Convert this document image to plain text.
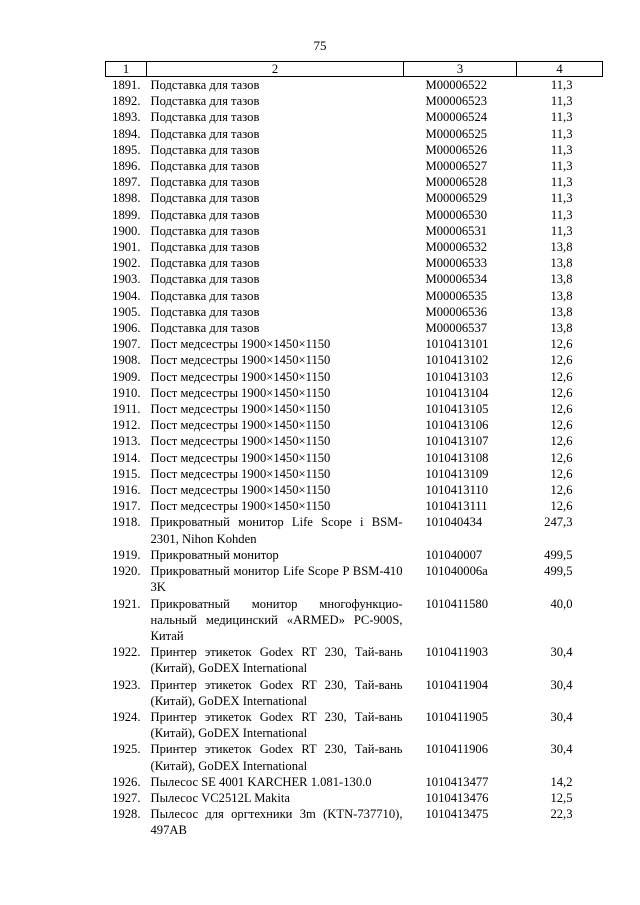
75
1	2	3	4
1891.	Подставка для тазов	М00006522	11,3
1892.	Подставка для тазов	М00006523	11,3
1893.	Подставка для тазов	М00006524	11,3
1894.	Подставка для тазов	М00006525	11,3
1895.	Подставка для тазов	М00006526	11,3
1896.	Подставка для тазов	М00006527	11,3
1897.	Подставка для тазов	М00006528	11,3
1898.	Подставка для тазов	М00006529	11,3
1899.	Подставка для тазов	М00006530	11,3
1900.	Подставка для тазов	М00006531	11,3
1901.	Подставка для тазов	М00006532	13,8
1902.	Подставка для тазов	М00006533	13,8
1903.	Подставка для тазов	М00006534	13,8
1904.	Подставка для тазов	М00006535	13,8
1905.	Подставка для тазов	М00006536	13,8
1906.	Подставка для тазов	М00006537	13,8
1907.	Пост медсестры 1900×1450×1150	1010413101	12,6
1908.	Пост медсестры 1900×1450×1150	1010413102	12,6
1909.	Пост медсестры 1900×1450×1150	1010413103	12,6
1910.	Пост медсестры 1900×1450×1150	1010413104	12,6
1911.	Пост медсестры 1900×1450×1150	1010413105	12,6
1912.	Пост медсестры 1900×1450×1150	1010413106	12,6
1913.	Пост медсестры 1900×1450×1150	1010413107	12,6
1914.	Пост медсестры 1900×1450×1150	1010413108	12,6
1915.	Пост медсестры 1900×1450×1150	1010413109	12,6
1916.	Пост медсестры 1900×1450×1150	1010413110	12,6
1917.	Пост медсестры 1900×1450×1150	1010413111	12,6
1918.	Прикроватный монитор Life Scope i BSM-2301, Nihon Kohden	101040434	247,3
1919.	Прикроватный монитор	101040007	499,5
1920.	Прикроватный монитор Life Scope P BSM-410 3K	101040006а	499,5
1921.	Прикроватный монитор многофункцио-нальный медицинский «ARMED» PC-900S, Китай	1010411580	40,0
1922.	Принтер этикеток Godex RT 230, Тай-вань (Китай), GoDEX International	1010411903	30,4
1923.	Принтер этикеток Godex RT 230, Тай-вань (Китай), GoDEX International	1010411904	30,4
1924.	Принтер этикеток Godex RT 230, Тай-вань (Китай), GoDEX International	1010411905	30,4
1925.	Принтер этикеток Godex RT 230, Тай-вань (Китай), GoDEX International	1010411906	30,4
1926.	Пылесос SE 4001 KARCHER 1.081-130.0	1010413477	14,2
1927.	Пылесос VC2512L Makita	1010413476	12,5
1928.	Пылесос для оргтехники 3m (KTN-737710), 497AB	1010413475	22,3
